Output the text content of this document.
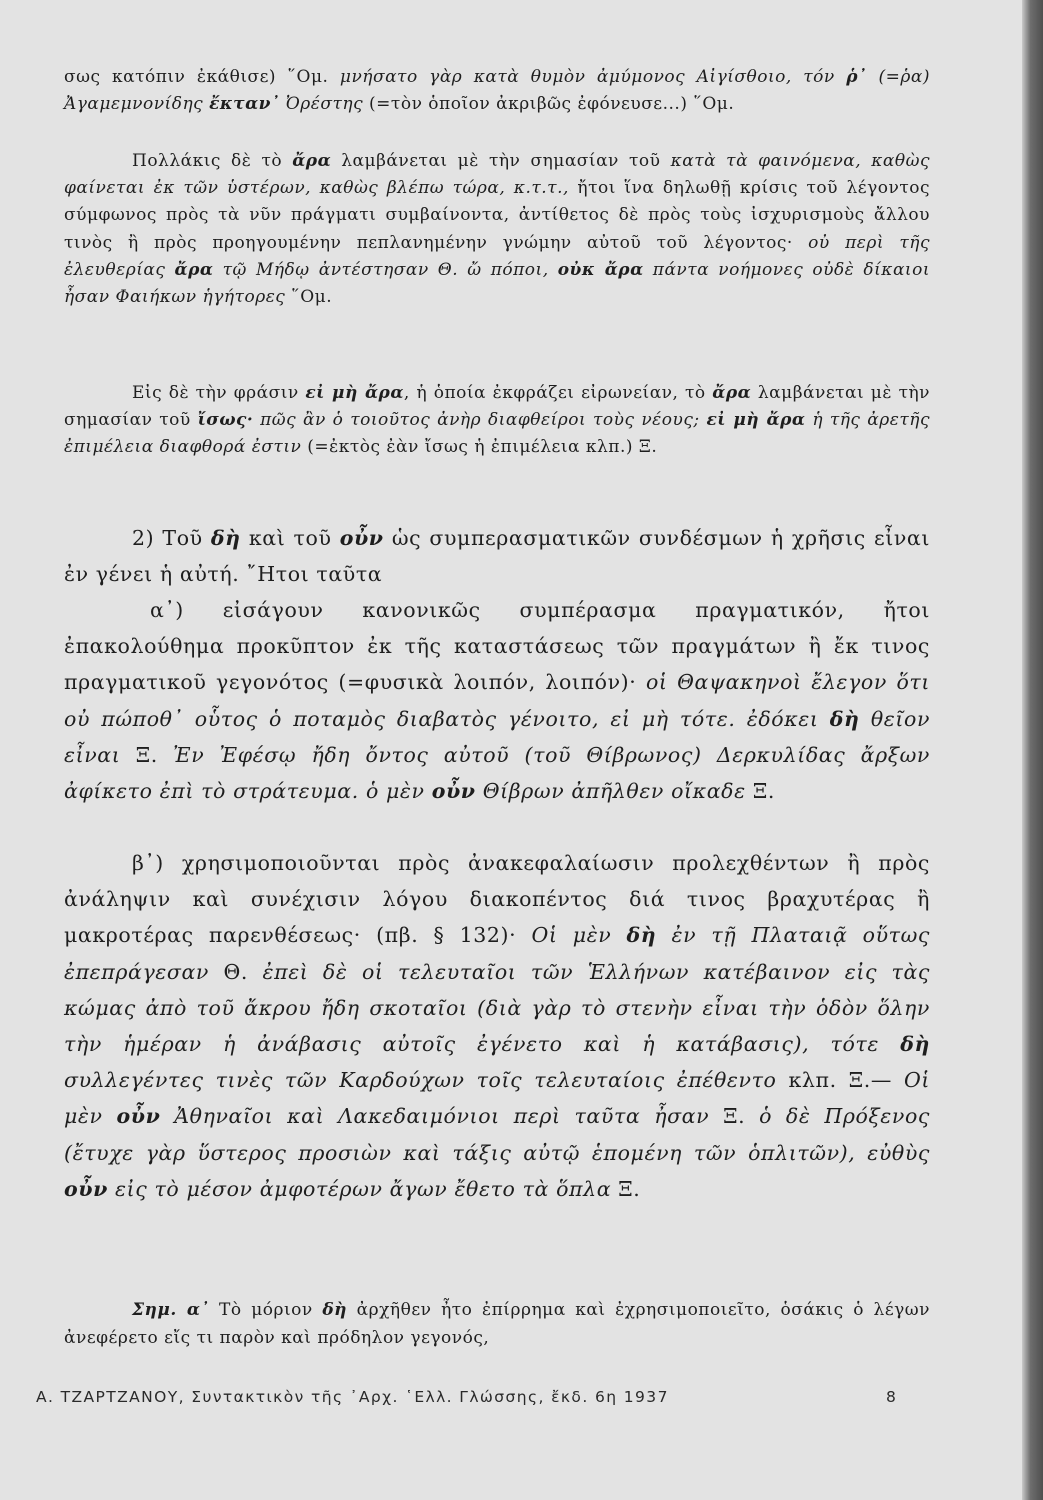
σως κατόπιν ἐκάθισε) ῞Ομ. μνήσατο γὰρ κατὰ θυμὸν ἀμύμονος Αἰγίσθοιο, τόν ῥ᾿ (=ῥα) Ἀγαμεμνονίδης ἔκταν᾿ Ὀρέστης (=τὸν ὁποῖον ἀκριβῶς ἐφόνευσε...) ῞Ομ.

Πολλάκις δὲ τὸ ἄρα λαμβάνεται μὲ τὴν σημασίαν τοῦ κατὰ τὰ φαινόμενα, καθὼς φαίνεται ἐκ τῶν ὑστέρων, καθὼς βλέπω τώρα, κ.τ.τ., ἤτοι ἵνα δηλωθῇ κρίσις τοῦ λέγοντος σύμφωνος πρὸς τὰ νῦν πράγματι συμβαίνοντα, ἀντίθετος δὲ πρὸς τοὺς ἰσχυρισμοὺς ἄλλου τινὸς ἢ πρὸς προηγουμένην πεπλανημένην γνώμην αὐτοῦ τοῦ λέγοντος· οὐ περὶ τῆς ἐλευθερίας ἄρα τῷ Μήδῳ ἀντέστησαν Θ. ὤ πόποι, οὐκ ἄρα πάντα νοήμονες οὐδὲ δίκαιοι ἦσαν Φαιήκων ἡγήτορες ῞Ομ.

Εἰς δὲ τὴν φράσιν εἰ μὴ ἄρα, ἡ ὁποία ἐκφράζει εἰρωνείαν, τὸ ἄρα λαμβάνεται μὲ τὴν σημασίαν τοῦ ἴσως· πῶς ἂν ὁ τοιοῦτος ἀνὴρ διαφθείροι τοὺς νέους; εἰ μὴ ἄρα ἡ τῆς ἀρετῆς ἐπιμέλεια διαφθορά ἐστιν (=ἐκτὸς ἐὰν ἴσως ἡ ἐπιμέλεια κλπ.) Ξ.

2) Τοῦ δὴ καὶ τοῦ οὖν ὡς συμπερασματικῶν συνδέσμων ἡ χρῆσις εἶναι ἐν γένει ἡ αὐτή. ῎Ητοι ταῦτα

α᾿) εἰσάγουν κανονικῶς συμπέρασμα πραγματικόν, ἤτοι ἐπακολούθημα προκῦπτον ἐκ τῆς καταστάσεως τῶν πραγμάτων ἢ ἔκ τινος πραγματικοῦ γεγονότος (=φυσικὰ λοιπόν, λοιπόν)· οἱ Θαψακηνοὶ ἔλεγον ὅτι οὐ πώποθ᾿ οὗτος ὁ ποταμὸς διαβατὸς γένοιτο, εἰ μὴ τότε. ἐδόκει δὴ θεῖον εἶναι Ξ. Ἐν Ἐφέσῳ ἤδη ὄντος αὐτοῦ (τοῦ Θίβρωνος) Δερκυλίδας ἄρξων ἀφίκετο ἐπὶ τὸ στράτευμα. ὁ μὲν οὖν Θίβρων ἀπῆλθεν οἴκαδε Ξ.

β᾿) χρησιμοποιοῦνται πρὸς ἀνακεφαλαίωσιν προλεχθέντων ἢ πρὸς ἀνάληψιν καὶ συνέχισιν λόγου διακοπέντος διά τινος βραχυτέρας ἢ μακροτέρας παρενθέσεως· (πβ. § 132)· Οἱ μὲν δὴ ἐν τῇ Πλαταιᾷ οὕτως ἐπεπράγεσαν Θ. ἐπεὶ δὲ οἱ τελευταῖοι τῶν Ἑλλήνων κατέβαινον εἰς τὰς κώμας ἀπὸ τοῦ ἄκρου ἤδη σκοταῖοι (διὰ γὰρ τὸ στενὴν εἶναι τὴν ὁδὸν ὅλην τὴν ἡμέραν ἡ ἀνάβασις αὐτοῖς ἐγένετο καὶ ἡ κατάβασις), τότε δὴ συλλεγέντες τινὲς τῶν Καρδούχων τοῖς τελευταίοις ἐπέθεντο κλπ. Ξ.— Οἱ μὲν οὖν Ἀθηναῖοι καὶ Λακεδαιμόνιοι περὶ ταῦτα ἦσαν Ξ. ὁ δὲ Πρόξενος (ἔτυχε γὰρ ὕστερος προσιὼν καὶ τάξις αὐτῷ ἑπομένη τῶν ὁπλιτῶν), εὐθὺς οὖν εἰς τὸ μέσον ἀμφοτέρων ἄγων ἔθετο τὰ ὅπλα Ξ.

Σημ. α᾿ Τὸ μόριον δὴ ἀρχῆθεν ἦτο ἐπίρρημα καὶ ἐχρησιμοποιεῖτο, ὁσάκις ὁ λέγων ἀνεφέρετο εἴς τι παρὸν καὶ πρόδηλον γεγονός,

Α. ΤΖΑΡΤΖΑΝΟΥ, Συντακτικὸν τῆς ᾿Αρχ. ῾Ελλ. Γλώσσης, ἔκδ. 6η 1937	8
